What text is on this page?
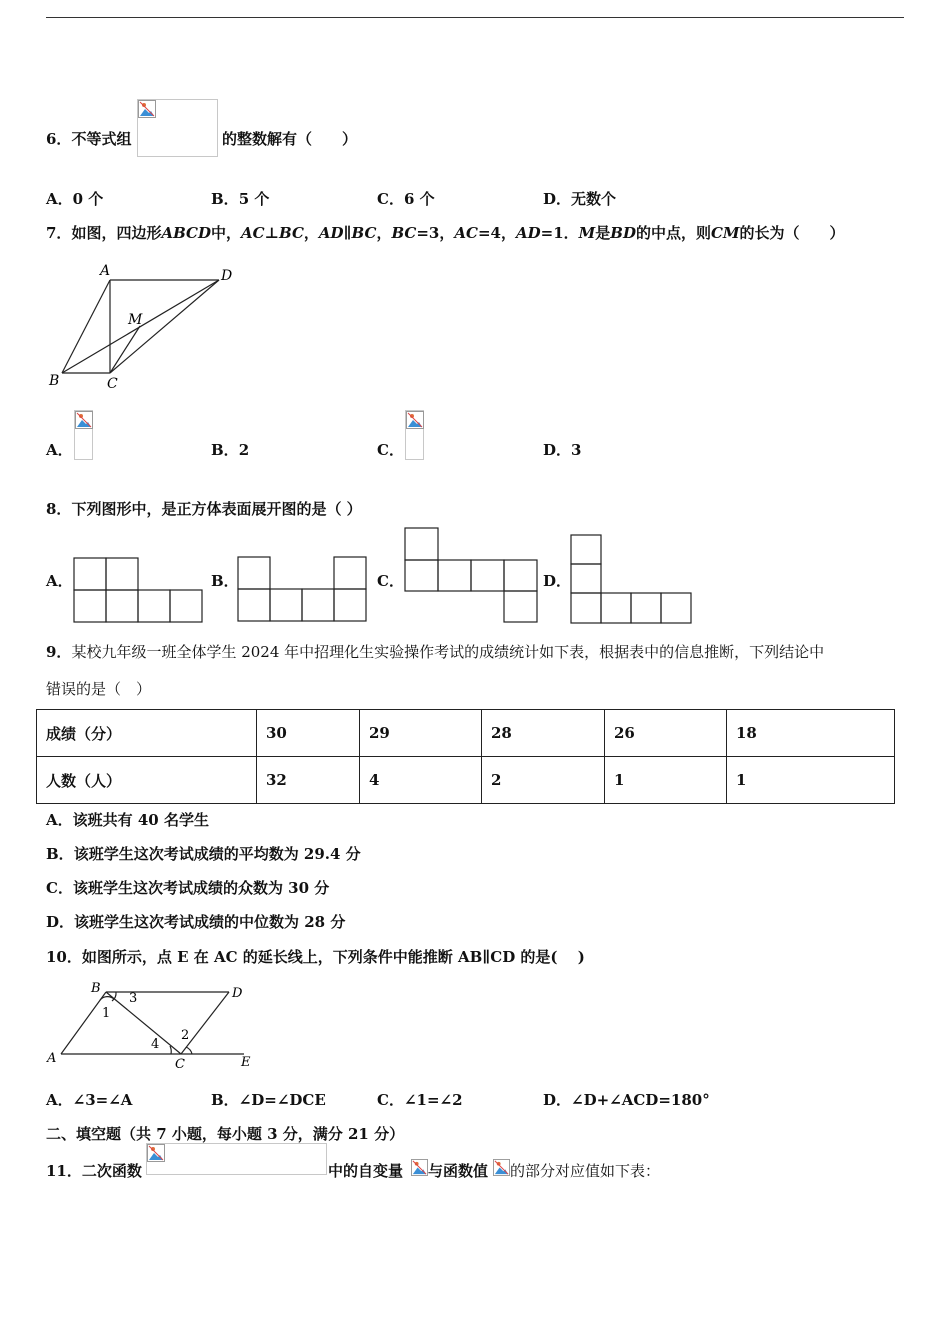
6．不等式组	的整数解有（　　）
A．0 个	B．5 个	C．6 个	D．无数个
7．如图，四边形ABCD中，AC⊥BC，AD∥BC，BC=3，AC=4，AD=1．M是BD的中点，则CM的长为（　　）
A	D
M
B	C
A．	B．2	C．	D．3
8．下列图形中，是正方体表面展开图的是（ ）
A．	B．	C．	D．
9．某校九年级一班全体学生 2024 年中招理化生实验操作考试的成绩统计如下表，根据表中的信息推断，下列结论中
错误的是（　）
成绩（分）	30	29	28	26	18
人数（人）	32	4	2	1	1
A．该班共有 40 名学生
B．该班学生这次考试成绩的平均数为 29.4 分
C．该班学生这次考试成绩的众数为 30 分
D．该班学生这次考试成绩的中位数为 28 分
10．如图所示，点 E 在 AC 的延长线上，下列条件中能推断 AB∥CD 的是( 　)
B	D
A	C	E
1
2
3
4
A．∠3=∠A	B．∠D=∠DCE	C．∠1=∠2	D．∠D+∠ACD=180°
二、填空题（共 7 小题，每小题 3 分，满分 21 分）
11．二次函数	中的自变量 与函数值 的部分对应值如下表：
